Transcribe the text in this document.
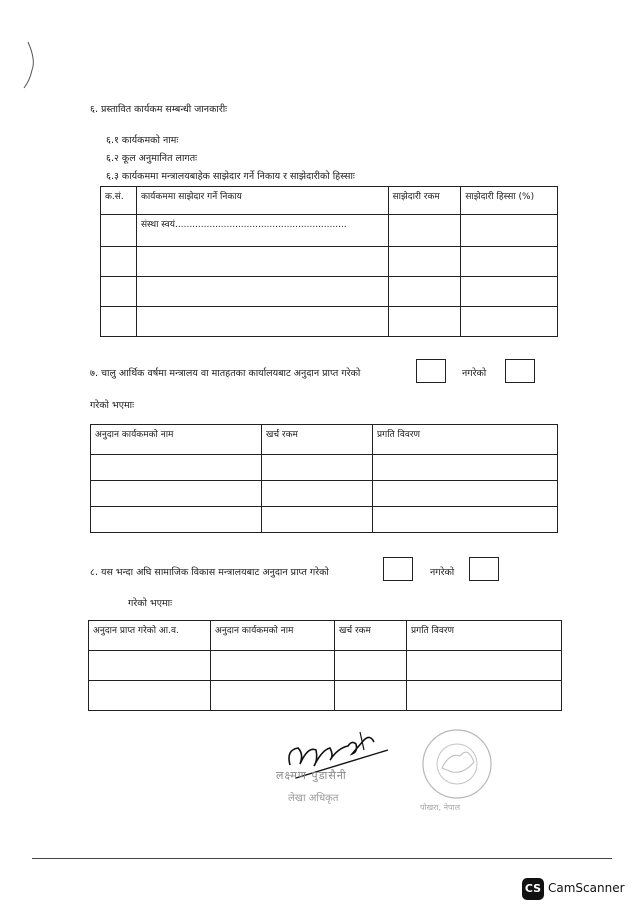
६. प्रस्तावित कार्यकम सम्बन्धी जानकारीः
६.१ कार्यकमको नामः
६.२ कूल अनुमानित लागतः
६.३ कार्यकममा मन्त्रालयबाहेक साझेदार गर्ने निकाय र साझेदारीको हिस्साः
क.सं.	कार्यकममा साझेदार गर्ने निकाय	साझेदारी रकम	साझेदारी हिस्सा (%)
	संस्था स्वयं............................................................		

७. चालु आर्थिक वर्षमा मन्त्रालय वा मातहतका कार्यालयबाट अनुदान प्राप्त गरेको	नगरेको
गरेको भएमाः
अनुदान कार्यकमको नाम	खर्च रकम	प्रगति विवरण

८. यस भन्दा अघि सामाजिक विकास मन्त्रालयबाट अनुदान प्राप्त गरेको	नगरेको
गरेको भएमाः
अनुदान प्राप्त गरेको आ.व.	अनुदान कार्यकमको नाम	खर्च रकम	प्रगति विवरण

लक्ष्मण पुडासैनी
लेखा अधिकृत
पोखरा, नेपाल
CS CamScanner
